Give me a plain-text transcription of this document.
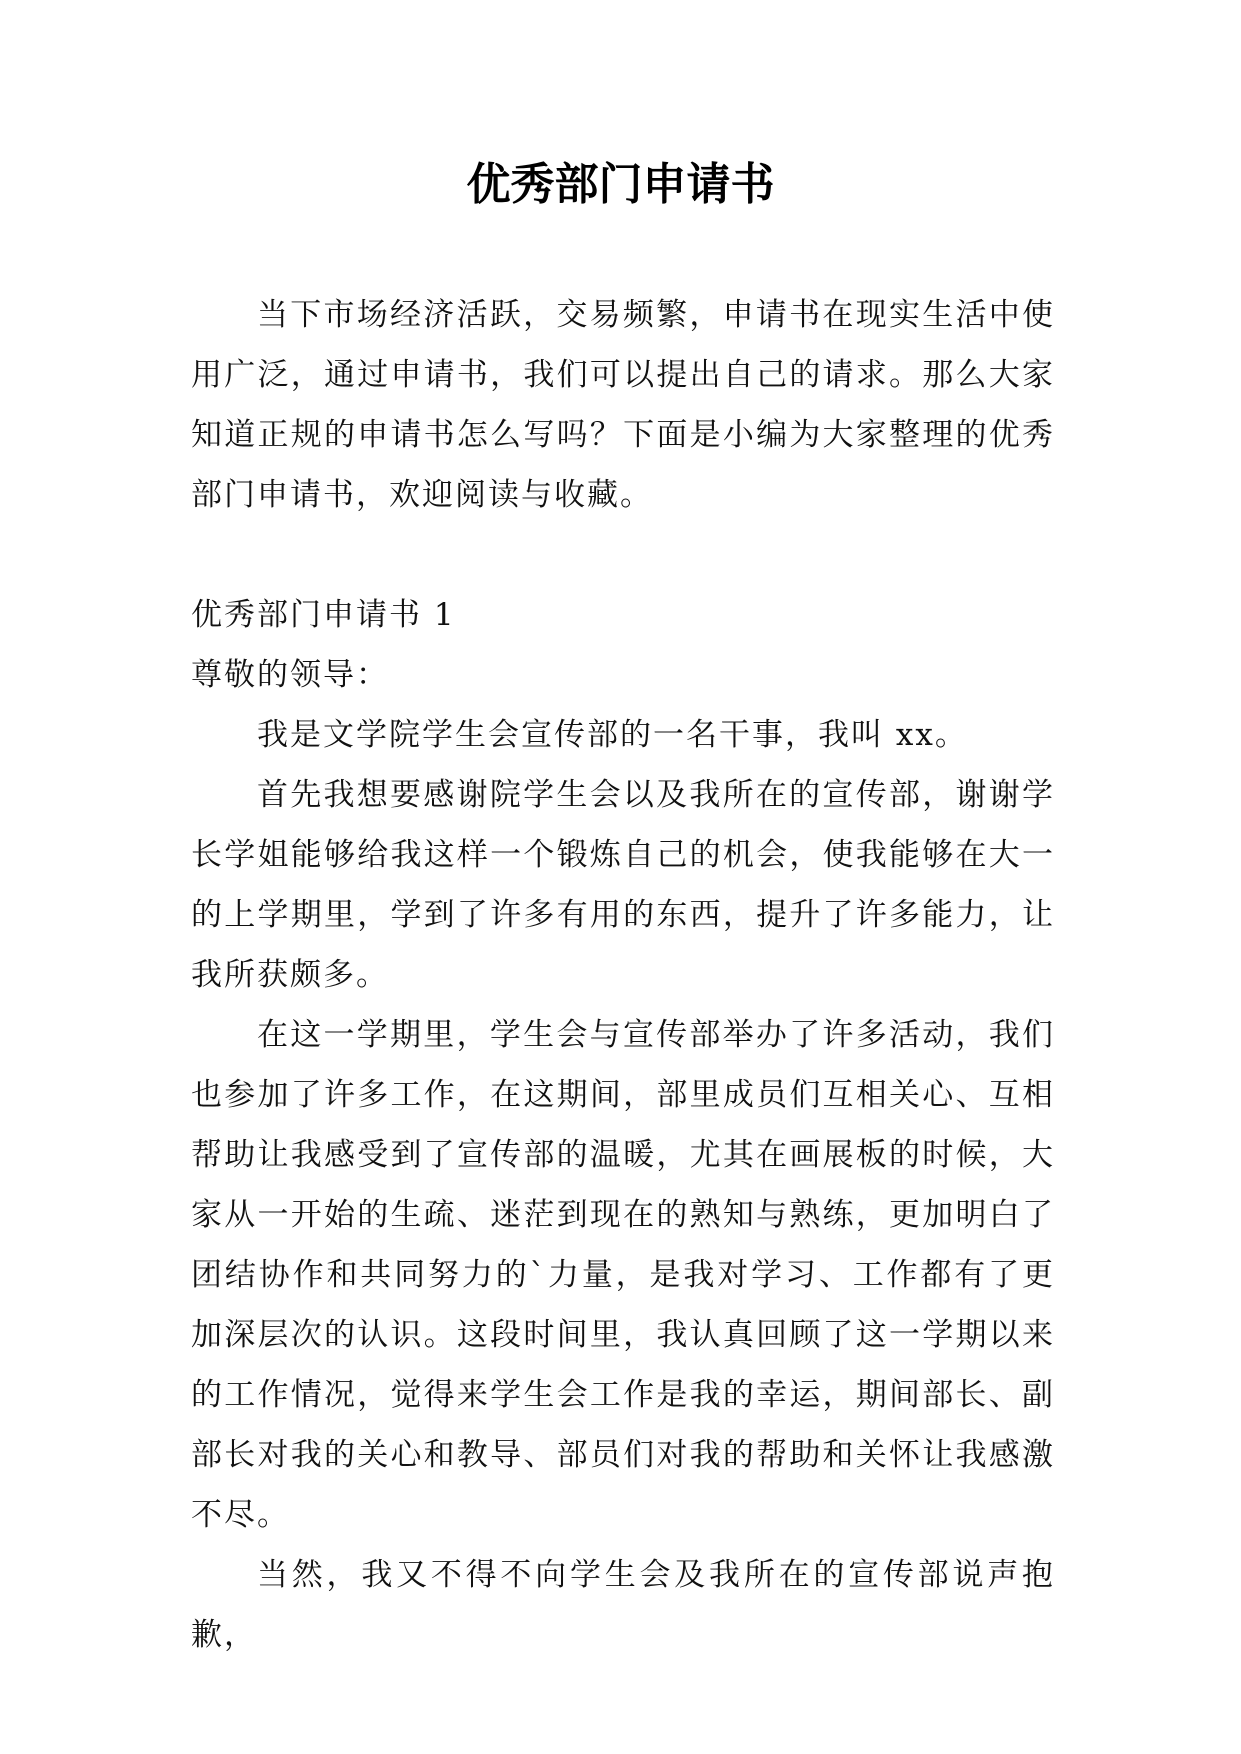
优秀部门申请书

当下市场经济活跃，交易频繁，申请书在现实生活中使用广泛，通过申请书，我们可以提出自己的请求。那么大家知道正规的申请书怎么写吗？下面是小编为大家整理的优秀部门申请书，欢迎阅读与收藏。

优秀部门申请书 1

尊敬的领导：

我是文学院学生会宣传部的一名干事，我叫 xx。

首先我想要感谢院学生会以及我所在的宣传部，谢谢学长学姐能够给我这样一个锻炼自己的机会，使我能够在大一的上学期里，学到了许多有用的东西，提升了许多能力，让我所获颇多。

在这一学期里，学生会与宣传部举办了许多活动，我们也参加了许多工作，在这期间，部里成员们互相关心、互相帮助让我感受到了宣传部的温暖，尤其在画展板的时候，大家从一开始的生疏、迷茫到现在的熟知与熟练，更加明白了团结协作和共同努力的`力量，是我对学习、工作都有了更加深层次的认识。这段时间里，我认真回顾了这一学期以来的工作情况，觉得来学生会工作是我的幸运，期间部长、副部长对我的关心和教导、部员们对我的帮助和关怀让我感激不尽。

当然，我又不得不向学生会及我所在的宣传部说声抱歉，
